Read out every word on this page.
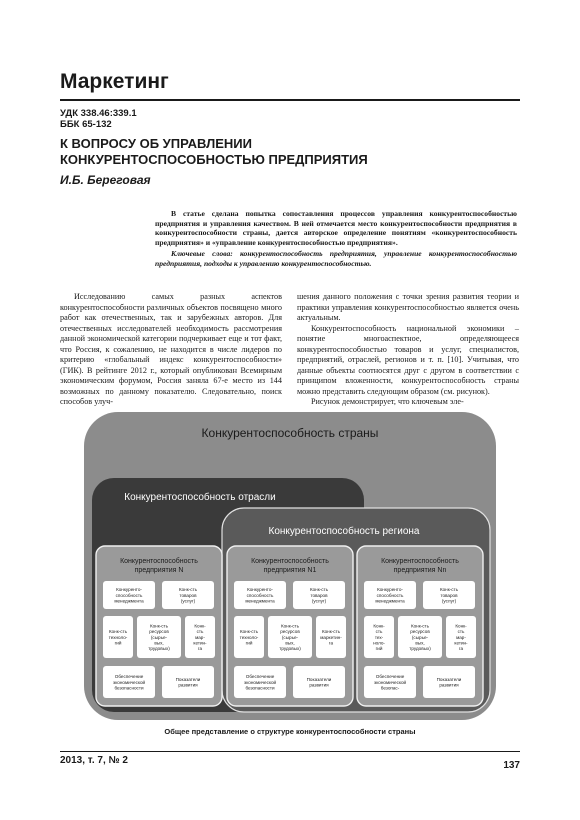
Маркетинг
УДК 338.46:339.1
ББК 65-132
К ВОПРОСУ ОБ УПРАВЛЕНИИ
КОНКУРЕНТОСПОСОБНОСТЬЮ ПРЕДПРИЯТИЯ
И.Б. Береговая
В статье сделана попытка сопоставления процессов управления конкурентоспособностью предприятия и управления качеством. В ней отмечается место конкурентоспособности предприятия в конкурентоспособности страны, дается авторское определение понятиям «конкурентоспособность предприятия» и «управление конкурентоспособностью предприятия».
Ключевые слова: конкурентоспособность предприятия, управление конкурентоспособностью предприятия, подходы к управлению конкурентоспособностью.

Исследованию самых разных аспектов конкурентоспособности различных объектов посвящено много работ как отечественных, так и зарубежных авторов. Для отечественных исследователей необходимость рассмотрения данной экономической категории подчеркивает еще и тот факт, что Россия, к сожалению, не находится в числе лидеров по критерию «глобальный индекс конкурентоспособности» (ГИК). В рейтинге 2012 г., который опубликован Всемирным экономическим форумом, Россия заняла 67-е место из 144 возможных по данному показателю. Следовательно, поиск способов улуч-

шения данного положения с точки зрения развития теории и практики управления конкурентоспособностью является очень актуальным.

Конкурентоспособность национальной экономики – понятие многоаспектное, определяющееся конкурентоспособностью товаров и услуг, специалистов, предприятий, отраслей, регионов и т. п. [10]. Учитывая, что данные объекты соотносятся друг с другом в соответствии с принципом вложенности, конкурентоспособность страны можно представить следующим образом (см. рисунок).

Рисунок демонстрирует, что ключевым эле-

Конкурентоспособность страны
Конкурентоспособность отрасли
Конкурентоспособность региона
Конкурентоспособность
предприятия N
Конкуренто-
способность
менеджмента
Конк-сть
товаров
(услуг)
Конк-сть
техноло-
гий
Конк-сть
ресурсов
(сырье-
вых,
трудовых)
Конк-
сть
мар-
кетин-
га
Обеспечение
экономической
безопасности
Показатели
развития
Конкурентоспособность
предприятия N1
Конкуренто-
способность
менеджмента
Конк-сть
товаров
(услуг)
Конк-сть
техноло-
гий
Конк-сть
ресурсов
(сырье-
вых,
трудовых)
Конк-сть
маркетин-
га
Обеспечение
экономической
безопасности
Показатели
развития
Конкурентоспособность
предприятия Nn
Конкуренто-
способность
менеджмента
Конк-сть
товаров
(услуг)
Конк-
сть
тех-
ноло-
гий
Конк-сть
ресурсов
(сырье-
вых,
трудовых)
Конк-
сть
мар-
кетин-
га
Обеспечение
экономической
безопас-
Показатели
развития
Общее представление о структуре конкурентоспособности страны
2013, т. 7, № 2	137
